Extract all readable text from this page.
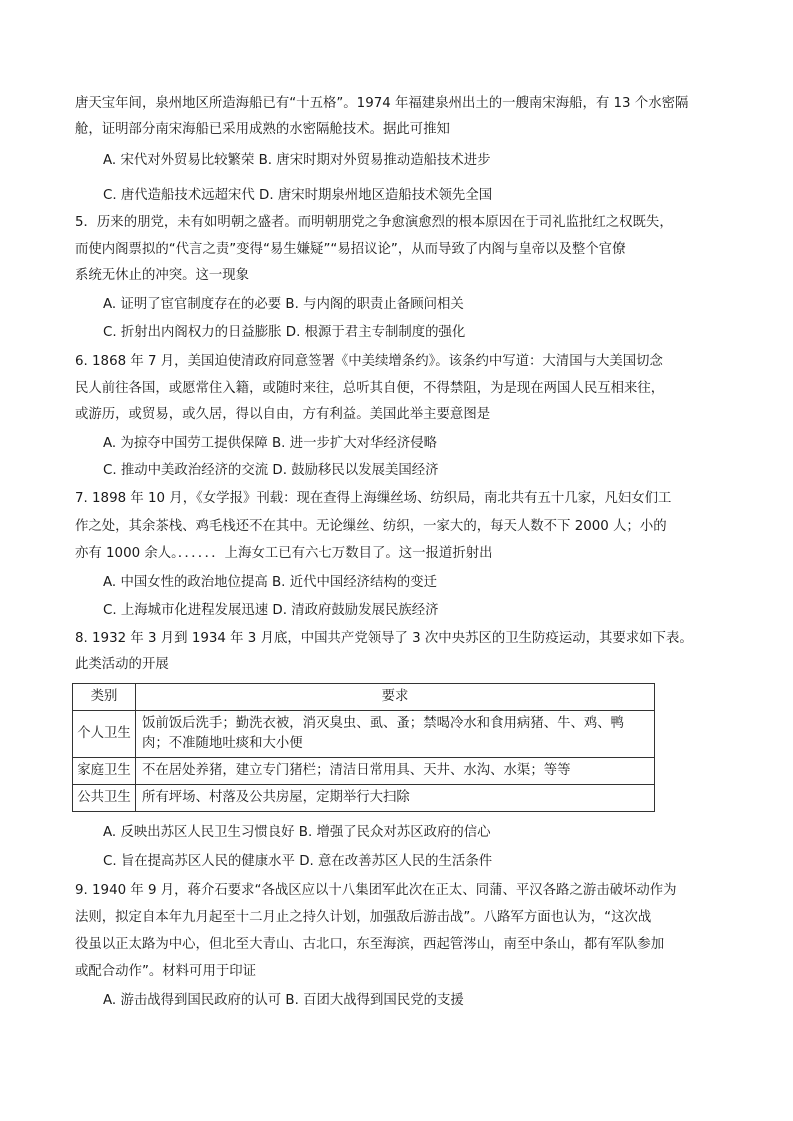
唐天宝年间，泉州地区所造海船已有“十五格”。1974 年福建泉州出土的一艘南宋海船，有 13 个水密隔
舱，证明部分南宋海船已采用成熟的水密隔舱技术。据此可推知
A. 宋代对外贸易比较繁荣 B. 唐宋时期对外贸易推动造船技术进步
C. 唐代造船技术远超宋代 D. 唐宋时期泉州地区造船技术领先全国
5．历来的朋党，未有如明朝之盛者。而明朝朋党之争愈演愈烈的根本原因在于司礼监批红之权既失，
而使内阁票拟的“代言之责”变得“易生嫌疑”“易招议论”，从而导致了内阁与皇帝以及整个官僚
系统无休止的冲突。这一现象
A. 证明了宦官制度存在的必要 B. 与内阁的职责止备顾问相关
C. 折射出内阁权力的日益膨胀 D. 根源于君主专制制度的强化
6. 1868 年 7 月，美国迫使清政府同意签署《中美续增条约》。该条约中写道：大清国与大美国切念
民人前往各国，或愿常住入籍，或随时来往，总听其自便，不得禁阻，为是现在两国人民互相来往，
或游历，或贸易，或久居，得以自由，方有利益。美国此举主要意图是
A. 为掠夺中国劳工提供保障 B. 进一步扩大对华经济侵略
C. 推动中美政治经济的交流 D. 鼓励移民以发展美国经济
7. 1898 年 10 月，《女学报》刊载：现在查得上海缫丝场、纺织局，南北共有五十几家，凡妇女们工
作之处，其余茶栈、鸡毛栈还不在其中。无论缫丝、纺织，一家大的，每天人数不下 2000 人；小的
亦有 1000 余人。．．．．．．上海女工已有六七万数目了。这一报道折射出
A. 中国女性的政治地位提高 B. 近代中国经济结构的变迁
C. 上海城市化进程发展迅速 D. 清政府鼓励发展民族经济
8. 1932 年 3 月到 1934 年 3 月底，中国共产党领导了 3 次中央苏区的卫生防疫运动，其要求如下表。
此类活动的开展
类别	要求
个人卫生	饭前饭后洗手；勤洗衣被，消灭臭虫、虱、蚤；禁喝冷水和食用病猪、牛、鸡、鸭肉；不准随地吐痰和大小便
家庭卫生	不在居处养猪，建立专门猪栏；清洁日常用具、天井、水沟、水渠；等等
公共卫生	所有坪场、村落及公共房屋，定期举行大扫除
A. 反映出苏区人民卫生习惯良好 B. 增强了民众对苏区政府的信心
C. 旨在提高苏区人民的健康水平 D. 意在改善苏区人民的生活条件
9. 1940 年 9 月，蒋介石要求“各战区应以十八集团军此次在正太、同蒲、平汉各路之游击破坏动作为
法则，拟定自本年九月起至十二月止之持久计划，加强敌后游击战”。八路军方面也认为，“这次战
役虽以正太路为中心，但北至大青山、古北口，东至海滨，西起管涔山，南至中条山，都有军队参加
或配合动作”。材料可用于印证
A. 游击战得到国民政府的认可 B. 百团大战得到国民党的支援
